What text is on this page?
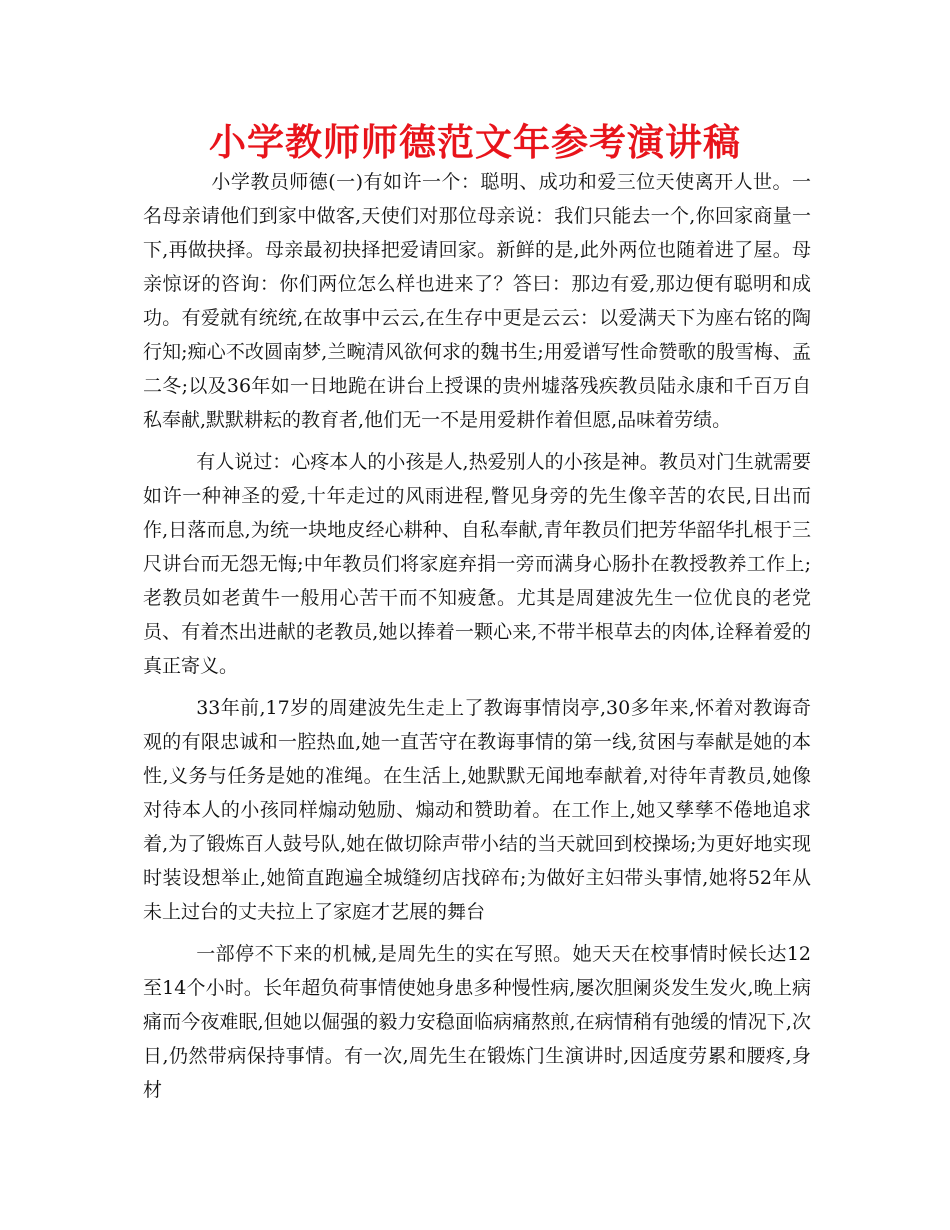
小学教师师德范文年参考演讲稿

小学教员师德(一)有如许一个：聪明、成功和爱三位天使离开人世。一名母亲请他们到家中做客,天使们对那位母亲说：我们只能去一个,你回家商量一下,再做抉择。母亲最初抉择把爱请回家。新鲜的是,此外两位也随着进了屋。母亲惊讶的咨询：你们两位怎么样也进来了？答曰：那边有爱,那边便有聪明和成功。有爱就有统统,在故事中云云,在生存中更是云云：以爱满天下为座右铭的陶行知;痴心不改圆南梦,兰畹清风欲何求的魏书生;用爱谱写性命赞歌的殷雪梅、孟二冬;以及36年如一日地跪在讲台上授课的贵州墟落残疾教员陆永康和千百万自私奉献,默默耕耘的教育者,他们无一不是用爱耕作着但愿,品味着劳绩。

有人说过：心疼本人的小孩是人,热爱别人的小孩是神。教员对门生就需要如许一种神圣的爱,十年走过的风雨进程,瞥见身旁的先生像辛苦的农民,日出而作,日落而息,为统一块地皮经心耕种、自私奉献,青年教员们把芳华韶华扎根于三尺讲台而无怨无悔;中年教员们将家庭弃捐一旁而满身心肠扑在教授教养工作上;老教员如老黄牛一般用心苦干而不知疲惫。尤其是周建波先生一位优良的老党员、有着杰出进献的老教员,她以捧着一颗心来,不带半根草去的肉体,诠释着爱的真正寄义。

33年前,17岁的周建波先生走上了教诲事情岗亭,30多年来,怀着对教诲奇观的有限忠诚和一腔热血,她一直苦守在教诲事情的第一线,贫困与奉献是她的本性,义务与任务是她的准绳。在生活上,她默默无闻地奉献着,对待年青教员,她像对待本人的小孩同样煽动勉励、煽动和赞助着。在工作上,她又孳孳不倦地追求着,为了锻炼百人鼓号队,她在做切除声带小结的当天就回到校操场;为更好地实现时装设想举止,她简直跑遍全城缝纫店找碎布;为做好主妇带头事情,她将52年从未上过台的丈夫拉上了家庭才艺展的舞台

一部停不下来的机械,是周先生的实在写照。她天天在校事情时候长达12至14个小时。长年超负荷事情使她身患多种慢性病,屡次胆阑炎发生发火,晚上病痛而今夜难眠,但她以倔强的毅力安稳面临病痛熬煎,在病情稍有弛缓的情况下,次日,仍然带病保持事情。有一次,周先生在锻炼门生演讲时,因适度劳累和腰疼,身材
